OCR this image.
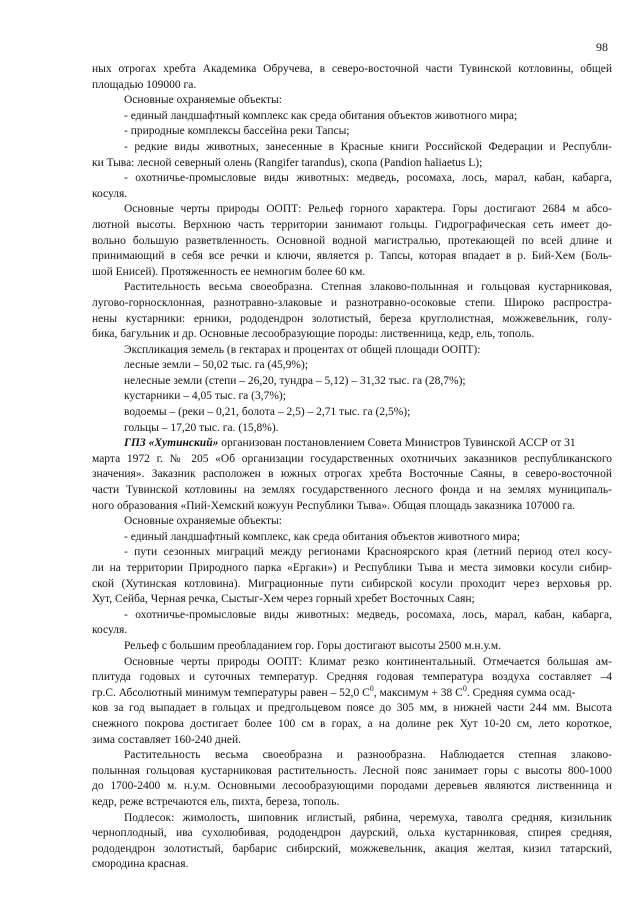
98

ных отрогах хребта Академика Обручева, в северо-восточной части Тувинской котловины, общей

площадью 109000 га.

Основные охраняемые объекты:

- единый ландшафтный комплекс как среда обитания объектов животного мира;

- природные комплексы бассейна реки Тапсы;

- редкие виды животных, занесенные в Красные книги Российской Федерации и Республи-

ки Тыва: лесной северный олень (Rangifer tarandus), скопа (Pandion haliaetus L);

- охотничье-промысловые виды животных: медведь, росомаха, лось, марал, кабан, кабарга,

косуля.

Основные черты природы ООПТ: Рельеф горного характера. Горы достигают 2684 м абсо-

лютной высоты. Верхнюю часть территории занимают гольцы. Гидрографическая сеть имеет до-

вольно большую разветвленность. Основной водной магистралью, протекающей по всей длине и

принимающий в себя все речки и ключи, является р. Тапсы, которая впадает в р. Бий-Хем (Боль-

шой Енисей). Протяженность ее немногим более 60 км.

Растительность весьма своеобразна. Степная злаково-полынная и гольцовая кустарниковая,

лугово-горносклонная, разнотравно-злаковые и разнотравно-осоковые степи. Широко распростра-

нены кустарники: ерники, рододендрон золотистый, береза круглолистная, можжевельник, голу-

бика, багульник и др. Основные лесообразующие породы: лиственница, кедр, ель, тополь.

Экспликация земель (в гектарах и процентах от общей площади ООПТ):

лесные земли – 50,02 тыс. га (45,9%);

нелесные земли (степи – 26,20, тундра – 5,12) – 31,32 тыс. га (28,7%);

кустарники – 4,05 тыс. га (3,7%);

водоемы – (реки – 0,21, болота – 2,5) – 2,71 тыс. га (2,5%);

гольцы – 17,20 тыс. га. (15,8%).

ГПЗ «Хутинский» организован постановлением Совета Министров Тувинской АССР от 31

марта 1972 г. № 205 «Об организации государственных охотничьих заказников республиканского

значения». Заказник расположен в южных отрогах хребта Восточные Саяны, в северо-восточной

части Тувинской котловины на землях государственного лесного фонда и на землях муниципаль-

ного образования «Пий-Хемский кожуун Республики Тыва». Общая площадь заказника 107000 га.

Основные охраняемые объекты:

- единый ландшафтный комплекс, как среда обитания объектов животного мира;

- пути сезонных миграций между регионами Красноярского края (летний период отел косу-

ли на территории Природного парка «Ергаки») и Республики Тыва и места зимовки косули сибир-

ской (Хутинская котловина). Миграционные пути сибирской косули проходит через верховья рр.

Хут, Сейба, Черная речка, Сыстыг-Хем через горный хребет Восточных Саян;

- охотничье-промысловые виды животных: медведь, росомаха, лось, марал, кабан, кабарга,

косуля.

Рельеф с большим преобладанием гор. Горы достигают высоты 2500 м.н.у.м.

Основные черты природы ООПТ: Климат резко континентальный. Отмечается большая ам-

плитуда годовых и суточных температур. Средняя годовая температура воздуха составляет –4

гр.С. Абсолютный минимум температуры равен – 52,0 $С^0$, максимум + 38 $С^0$. Средняя сумма осад-

ков за год выпадает в гольцах и предгольцевом поясе до 305 мм, в нижней части 244 мм. Высота

снежного покрова достигает более 100 см в горах, а на долине рек Хут 10-20 см, лето короткое,

зима составляет 160-240 дней.

Растительность весьма своеобразна и разнообразна. Наблюдается степная злаково-

полынная гольцовая кустарниковая растительность. Лесной пояс занимает горы с высоты 800-1000

до 1700-2400 м. н.у.м. Основными лесообразующими породами деревьев являются лиственница и

кедр, реже встречаются ель, пихта, береза, тополь.

Подлесок: жимолость, шиповник иглистый, рябина, черемуха, таволга средняя, кизильник

черноплодный, ива сухолюбивая, рододендрон даурский, ольха кустарниковая, спирея средняя,

рододендрон золотистый, барбарис сибирский, можжевельник, акация желтая, кизил татарский,

смородина красная.
